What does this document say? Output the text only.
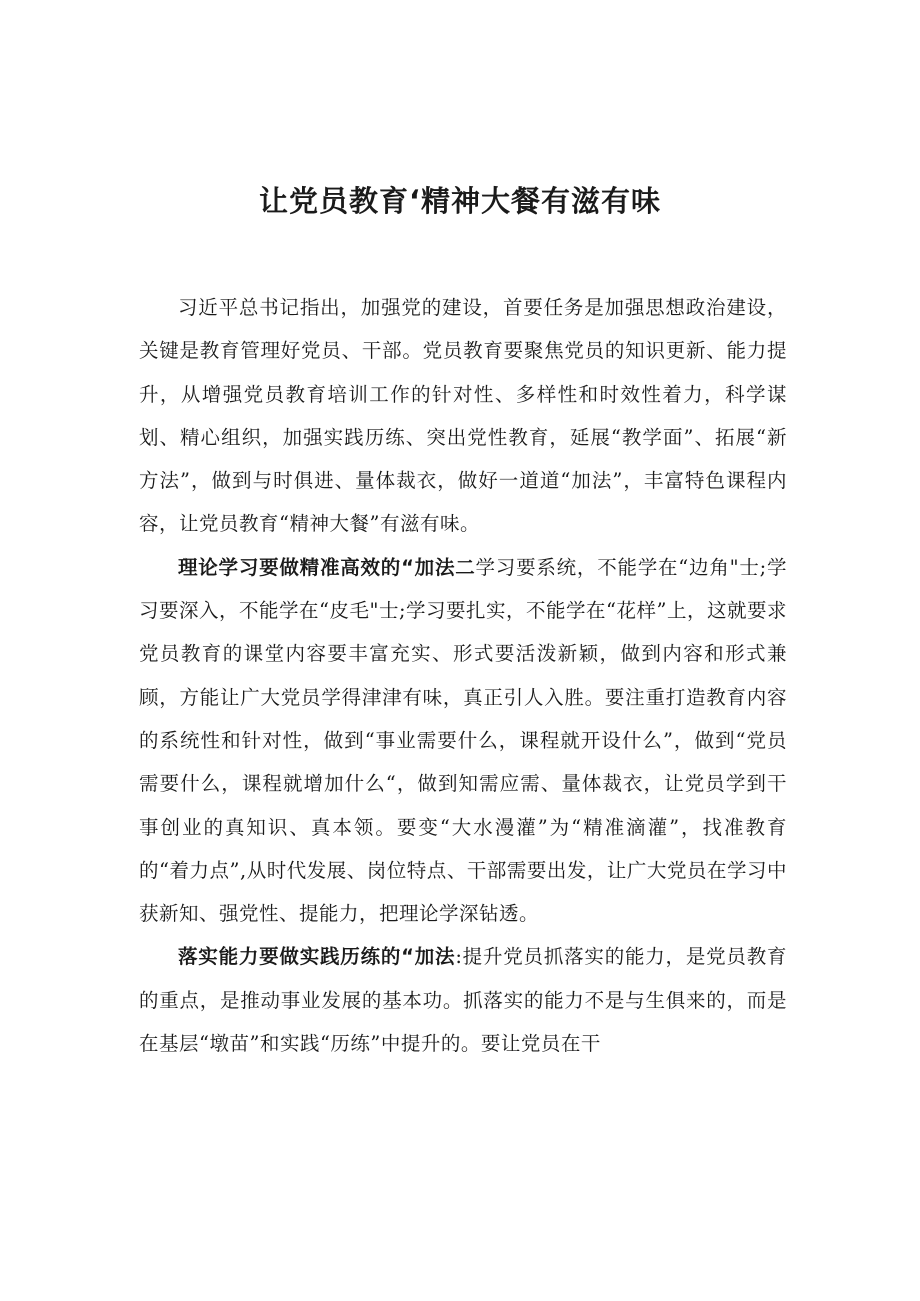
让党员教育‘精神大餐有滋有味

习近平总书记指出，加强党的建设，首要任务是加强思想政治建设，关键是教育管理好党员、干部。党员教育要聚焦党员的知识更新、能力提升，从增强党员教育培训工作的针对性、多样性和时效性着力，科学谋划、精心组织，加强实践历练、突出党性教育，延展“教学面”、拓展“新方法”，做到与时俱进、量体裁衣，做好一道道“加法”，丰富特色课程内容，让党员教育“精神大餐”有滋有味。

理论学习要做精准高效的“加法二学习要系统，不能学在“边角"士;学习要深入，不能学在“皮毛"士;学习要扎实，不能学在“花样”上，这就要求党员教育的课堂内容要丰富充实、形式要活泼新颖，做到内容和形式兼顾，方能让广大党员学得津津有味，真正引人入胜。要注重打造教育内容的系统性和针对性，做到“事业需要什么，课程就开设什么”，做到“党员需要什么，课程就增加什么“，做到知需应需、量体裁衣，让党员学到干事创业的真知识、真本领。要变“大水漫灌”为“精准滴灌”，找准教育的“着力点”,从时代发展、岗位特点、干部需要出发，让广大党员在学习中获新知、强党性、提能力，把理论学深钻透。

落实能力要做实践历练的“加法:提升党员抓落实的能力，是党员教育的重点，是推动事业发展的基本功。抓落实的能力不是与生俱来的，而是在基层“墩苗”和实践“历练”中提升的。要让党员在干
